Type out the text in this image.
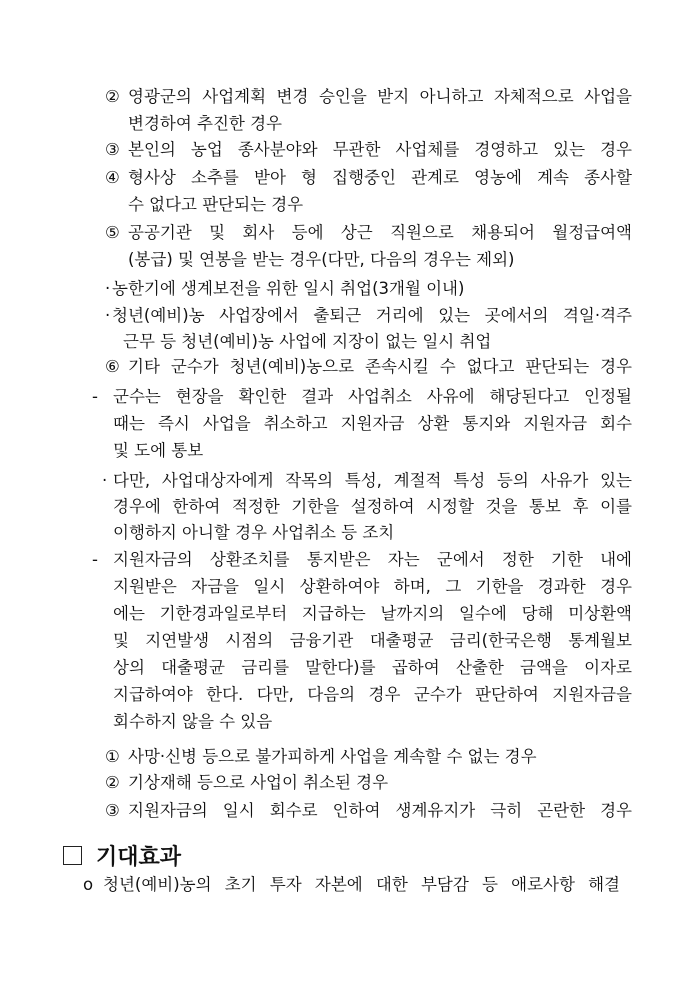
② 영광군의 사업계획 변경 승인을 받지 아니하고 자체적으로 사업을
변경하여 추진한 경우
③ 본인의 농업 종사분야와 무관한 사업체를 경영하고 있는 경우
④ 형사상 소추를 받아 형 집행중인 관계로 영농에 계속 종사할
수 없다고 판단되는 경우
⑤ 공공기관 및 회사 등에 상근 직원으로 채용되어 월정급여액
(봉급) 및 연봉을 받는 경우(다만, 다음의 경우는 제외)
· 농한기에 생계보전을 위한 일시 취업(3개월 이내)
· 청년(예비)농 사업장에서 출퇴근 거리에 있는 곳에서의 격일·격주
근무 등 청년(예비)농 사업에 지장이 없는 일시 취업
⑥ 기타 군수가 청년(예비)농으로 존속시킬 수 없다고 판단되는 경우
- 군수는 현장을 확인한 결과 사업취소 사유에 해당된다고 인정될
때는 즉시 사업을 취소하고 지원자금 상환 통지와 지원자금 회수
및 도에 통보
· 다만, 사업대상자에게 작목의 특성, 계절적 특성 등의 사유가 있는
경우에 한하여 적정한 기한을 설정하여 시정할 것을 통보 후 이를
이행하지 아니할 경우 사업취소 등 조치
- 지원자금의 상환조치를 통지받은 자는 군에서 정한 기한 내에
지원받은 자금을 일시 상환하여야 하며, 그 기한을 경과한 경우
에는 기한경과일로부터 지급하는 날까지의 일수에 당해 미상환액
및 지연발생 시점의 금융기관 대출평균 금리(한국은행 통계월보
상의 대출평균 금리를 말한다)를 곱하여 산출한 금액을 이자로
지급하여야 한다. 다만, 다음의 경우 군수가 판단하여 지원자금을
회수하지 않을 수 있음
① 사망·신병 등으로 불가피하게 사업을 계속할 수 없는 경우
② 기상재해 등으로 사업이 취소된 경우
③ 지원자금의 일시 회수로 인하여 생계유지가 극히 곤란한 경우
기대효과
o 청년(예비)농의 초기 투자 자본에 대한 부담감 등 애로사항 해결
